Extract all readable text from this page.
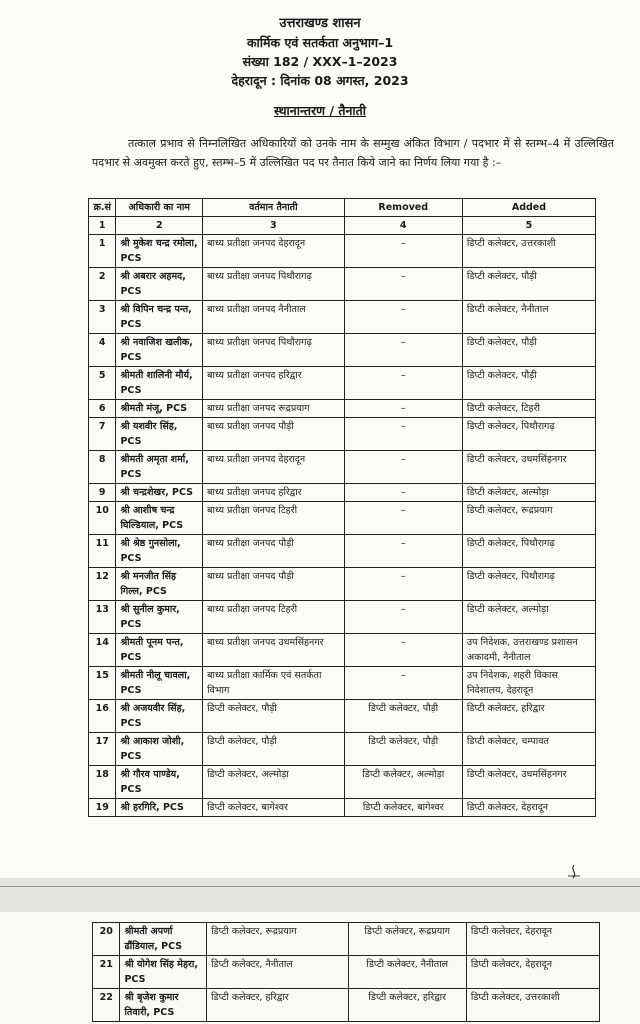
उत्तराखण्ड शासन
कार्मिक एवं सतर्कता अनुभाग–1
संख्या 182 / XXX–1–2023
देहरादून : दिनांक 08 अगस्त, 2023
स्थानान्तरण / तैनाती
तत्काल प्रभाव से निम्नलिखित अधिकारियों को उनके नाम के सम्मुख अंकित विभाग / पदभार में से स्तम्भ–4 में उल्लिखित पदभार से अवमुक्त करते हुए, स्तम्भ–5 में उल्लिखित पद पर तैनात किये जाने का निर्णय लिया गया है :–
क्र.सं	अधिकारी का नाम	वर्तमान तैनाती	Removed	Added
1	2	3	4	5
1	श्री मुकेश चन्द्र रमोला, PCS	बाध्य प्रतीक्षा जनपद देहरादून	–	डिप्टी कलेक्टर, उत्तरकाशी
2	श्री अबरार अहमद, PCS	बाध्य प्रतीक्षा जनपद पिथौरागढ़	–	डिप्टी कलेक्टर, पौड़ी
3	श्री विपिन चन्द्र पन्त, PCS	बाध्य प्रतीक्षा जनपद नैनीताल	–	डिप्टी कलेक्टर, नैनीताल
4	श्री नवाजिश खलीक, PCS	बाध्य प्रतीक्षा जनपद पिथौरागढ़	–	डिप्टी कलेक्टर, पौड़ी
5	श्रीमती शालिनी मौर्य, PCS	बाध्य प्रतीक्षा जनपद हरिद्वार	–	डिप्टी कलेक्टर, पौड़ी
6	श्रीमती मंजू, PCS	बाध्य प्रतीक्षा जनपद रूद्रप्रयाग	–	डिप्टी कलेक्टर, टिहरी
7	श्री यशवीर सिंह, PCS	बाध्य प्रतीक्षा जनपद पौड़ी	–	डिप्टी कलेक्टर, पिथौरागढ़
8	श्रीमती अमृता शर्मा, PCS	बाध्य प्रतीक्षा जनपद देहरादून	–	डिप्टी कलेक्टर, उधमसिंहनगर
9	श्री चन्द्रशेखर, PCS	बाध्य प्रतीक्षा जनपद हरिद्वार	–	डिप्टी कलेक्टर, अल्मोड़ा
10	श्री आशीष चन्द्र घिल्डियाल, PCS	बाध्य प्रतीक्षा जनपद टिहरी	–	डिप्टी कलेक्टर, रूद्रप्रयाग
11	श्री श्रेष्ठ गुनसोला, PCS	बाध्य प्रतीक्षा जनपद पौड़ी	–	डिप्टी कलेक्टर, पिथौरागढ़
12	श्री मनजीत सिंह गिल्ल, PCS	बाध्य प्रतीक्षा जनपद पौड़ी	–	डिप्टी कलेक्टर, पिथौरागढ़
13	श्री सुनील कुमार, PCS	बाध्य प्रतीक्षा जनपद टिहरी	–	डिप्टी कलेक्टर, अल्मोड़ा
14	श्रीमती पूनम पन्त, PCS	बाध्य प्रतीक्षा जनपद उधमसिंहनगर	–	उप निदेशक, उत्तराखण्ड प्रशासन अकादमी, नैनीताल
15	श्रीमती नीलू चावला, PCS	बाध्य प्रतीक्षा कार्मिक एवं सतर्कता विभाग	–	उप निदेशक, शहरी विकास निदेशालय, देहरादून
16	श्री अजयवीर सिंह, PCS	डिप्टी कलेक्टर, पौड़ी	डिप्टी कलेक्टर, पौड़ी	डिप्टी कलेक्टर, हरिद्वार
17	श्री आकाश जोशी, PCS	डिप्टी कलेक्टर, पौड़ी	डिप्टी कलेक्टर, पौड़ी	डिप्टी कलेक्टर, चम्पावत
18	श्री गौरव पाण्डेय, PCS	डिप्टी कलेक्टर, अल्मोड़ा	डिप्टी कलेक्टर, अल्मोड़ा	डिप्टी कलेक्टर, उधमसिंहनगर
19	श्री हरगिरि, PCS	डिप्टी कलेक्टर, बागेश्वर	डिप्टी कलेक्टर, बागेश्वर	डिप्टी कलेक्टर, देहरादून
20	श्रीमती अपर्णा ढौंडियाल, PCS	डिप्टी कलेक्टर, रूद्रप्रयाग	डिप्टी कलेक्टर, रूद्रप्रयाग	डिप्टी कलेक्टर, देहरादून
21	श्री योगेश सिंह मेहरा, PCS	डिप्टी कलेक्टर, नैनीताल	डिप्टी कलेक्टर, नैनीताल	डिप्टी कलेक्टर, देहरादून
22	श्री बृजेश कुमार तिवारी, PCS	डिप्टी कलेक्टर, हरिद्वार	डिप्टी कलेक्टर, हरिद्वार	डिप्टी कलेक्टर, उत्तरकाशी
